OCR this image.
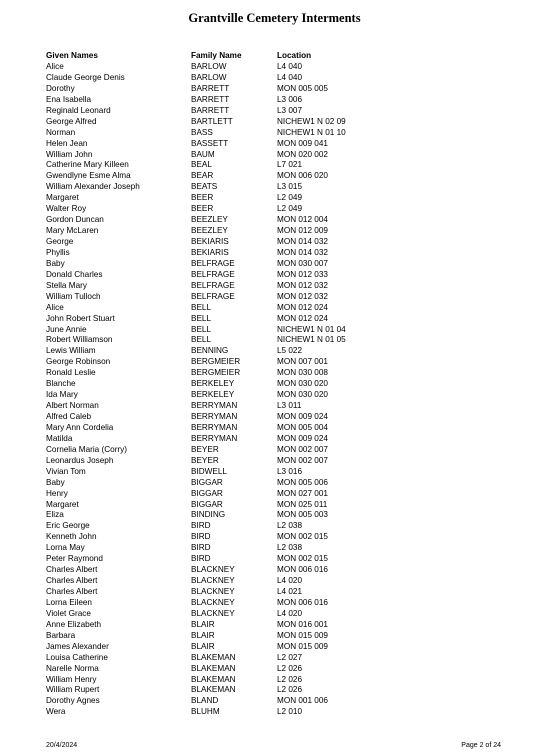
Grantville Cemetery Interments
Given Names	Family Name	Location
Alice	BARLOW	L4 040
Claude George Denis	BARLOW	L4 040
Dorothy	BARRETT	MON 005 005
Ena Isabella	BARRETT	L3 006
Reginald Leonard	BARRETT	L3 007
George Alfred	BARTLETT	NICHEW1 N 02 09
Norman	BASS	NICHEW1 N 01 10
Helen Jean	BASSETT	MON 009 041
William John	BAUM	MON 020 002
Catherine Mary Killeen	BEAL	L7 021
Gwendlyne Esme Alma	BEAR	MON 006 020
William Alexander Joseph	BEATS	L3 015
Margaret	BEER	L2 049
Walter Roy	BEER	L2 049
Gordon Duncan	BEEZLEY	MON 012 004
Mary McLaren	BEEZLEY	MON 012 009
George	BEKIARIS	MON 014 032
Phyllis	BEKIARIS	MON 014 032
Baby	BELFRAGE	MON 030 007
Donald Charles	BELFRAGE	MON 012 033
Stella Mary	BELFRAGE	MON 012 032
William Tulloch	BELFRAGE	MON 012 032
Alice	BELL	MON 012 024
John Robert Stuart	BELL	MON 012 024
June Annie	BELL	NICHEW1 N 01 04
Robert Williamson	BELL	NICHEW1 N 01 05
Lewis William	BENNING	L5 022
George Robinson	BERGMEIER	MON 007 001
Ronald Leslie	BERGMEIER	MON 030 008
Blanche	BERKELEY	MON 030 020
Ida Mary	BERKELEY	MON 030 020
Albert Norman	BERRYMAN	L3 011
Alfred Caleb	BERRYMAN	MON 009 024
Mary Ann Cordelia	BERRYMAN	MON 005 004
Matilda	BERRYMAN	MON 009 024
Cornelia Maria (Corry)	BEYER	MON 002 007
Leonardus Joseph	BEYER	MON 002 007
Vivian Tom	BIDWELL	L3 016
Baby	BIGGAR	MON 005 006
Henry	BIGGAR	MON 027 001
Margaret	BIGGAR	MON 025 011
Eliza	BINDING	MON 005 003
Eric George	BIRD	L2 038
Kenneth John	BIRD	MON 002 015
Lorna May	BIRD	L2 038
Peter Raymond	BIRD	MON 002 015
Charles Albert	BLACKNEY	MON 006 016
Charles Albert	BLACKNEY	L4 020
Charles Albert	BLACKNEY	L4 021
Lorna Eileen	BLACKNEY	MON 006 016
Violet Grace	BLACKNEY	L4 020
Anne Elizabeth	BLAIR	MON 016 001
Barbara	BLAIR	MON 015 009
James Alexander	BLAIR	MON 015 009
Louisa Catherine	BLAKEMAN	L2 027
Narelle Norma	BLAKEMAN	L2 026
William Henry	BLAKEMAN	L2 026
William Rupert	BLAKEMAN	L2 026
Dorothy Agnes	BLAND	MON 001 006
Wera	BLUHM	L2 010
20/4/2024	Page 2 of 24
